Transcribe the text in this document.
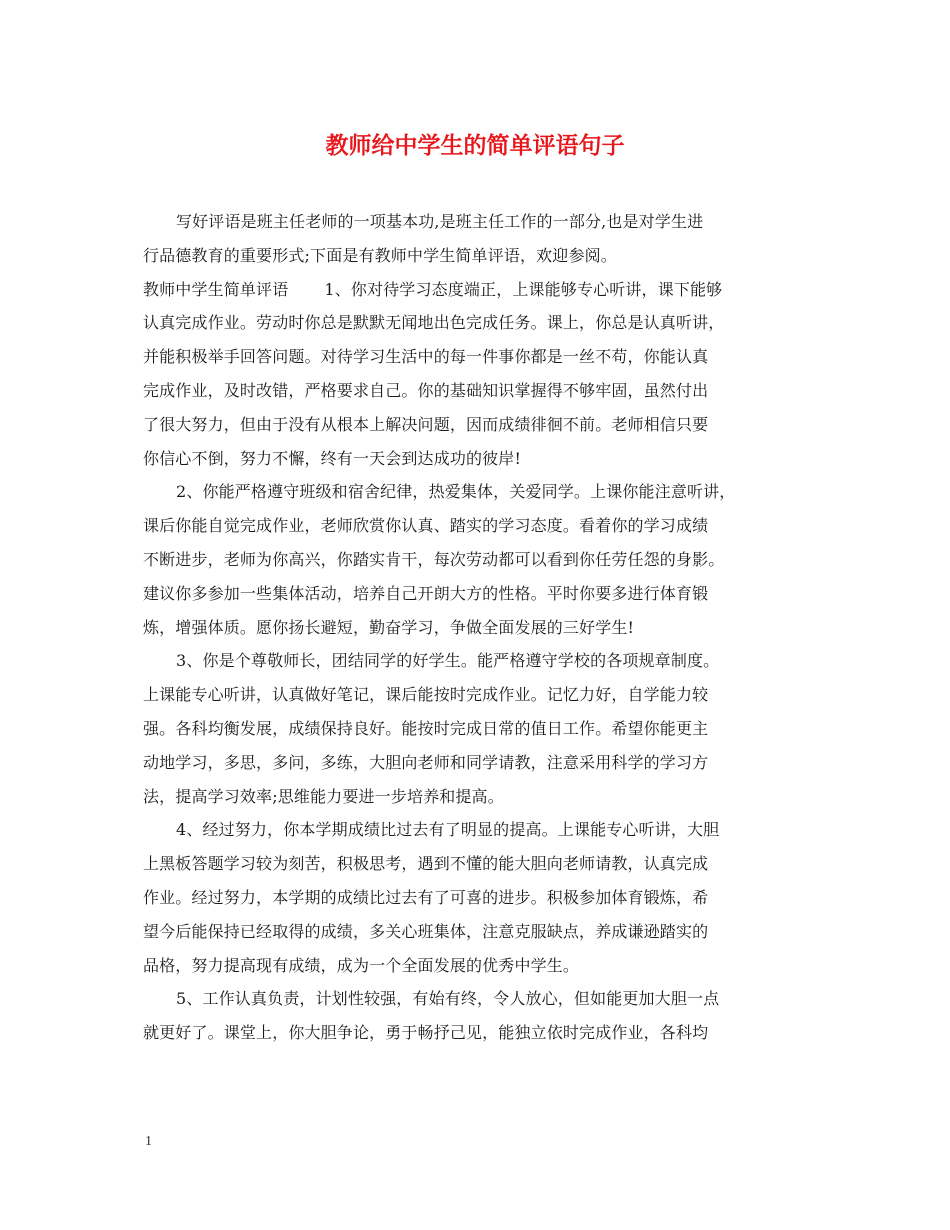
教师给中学生的简单评语句子
写好评语是班主任老师的一项基本功,是班主任工作的一部分,也是对学生进
行品德教育的重要形式;下面是有教师中学生简单评语，欢迎参阅。
教师中学生简单评语 1、你对待学习态度端正，上课能够专心听讲，课下能够
认真完成作业。劳动时你总是默默无闻地出色完成任务。课上，你总是认真听讲，
并能积极举手回答问题。对待学习生活中的每一件事你都是一丝不苟，你能认真
完成作业，及时改错，严格要求自己。你的基础知识掌握得不够牢固，虽然付出
了很大努力，但由于没有从根本上解决问题，因而成绩徘徊不前。老师相信只要
你信心不倒，努力不懈，终有一天会到达成功的彼岸!
2、你能严格遵守班级和宿舍纪律，热爱集体，关爱同学。上课你能注意听讲，
课后你能自觉完成作业，老师欣赏你认真、踏实的学习态度。看着你的学习成绩
不断进步，老师为你高兴，你踏实肯干，每次劳动都可以看到你任劳任怨的身影。
建议你多参加一些集体活动，培养自己开朗大方的性格。平时你要多进行体育锻
炼，增强体质。愿你扬长避短，勤奋学习，争做全面发展的三好学生!
3、你是个尊敬师长，团结同学的好学生。能严格遵守学校的各项规章制度。
上课能专心听讲，认真做好笔记，课后能按时完成作业。记忆力好，自学能力较
强。各科均衡发展，成绩保持良好。能按时完成日常的值日工作。希望你能更主
动地学习，多思，多问，多练，大胆向老师和同学请教，注意采用科学的学习方
法，提高学习效率;思维能力要进一步培养和提高。
4、经过努力，你本学期成绩比过去有了明显的提高。上课能专心听讲，大胆
上黑板答题学习较为刻苦，积极思考，遇到不懂的能大胆向老师请教，认真完成
作业。经过努力，本学期的成绩比过去有了可喜的进步。积极参加体育锻炼，希
望今后能保持已经取得的成绩，多关心班集体，注意克服缺点，养成谦逊踏实的
品格，努力提高现有成绩，成为一个全面发展的优秀中学生。
5、工作认真负责，计划性较强，有始有终，令人放心，但如能更加大胆一点
就更好了。课堂上，你大胆争论，勇于畅抒己见，能独立依时完成作业，各科均
1
